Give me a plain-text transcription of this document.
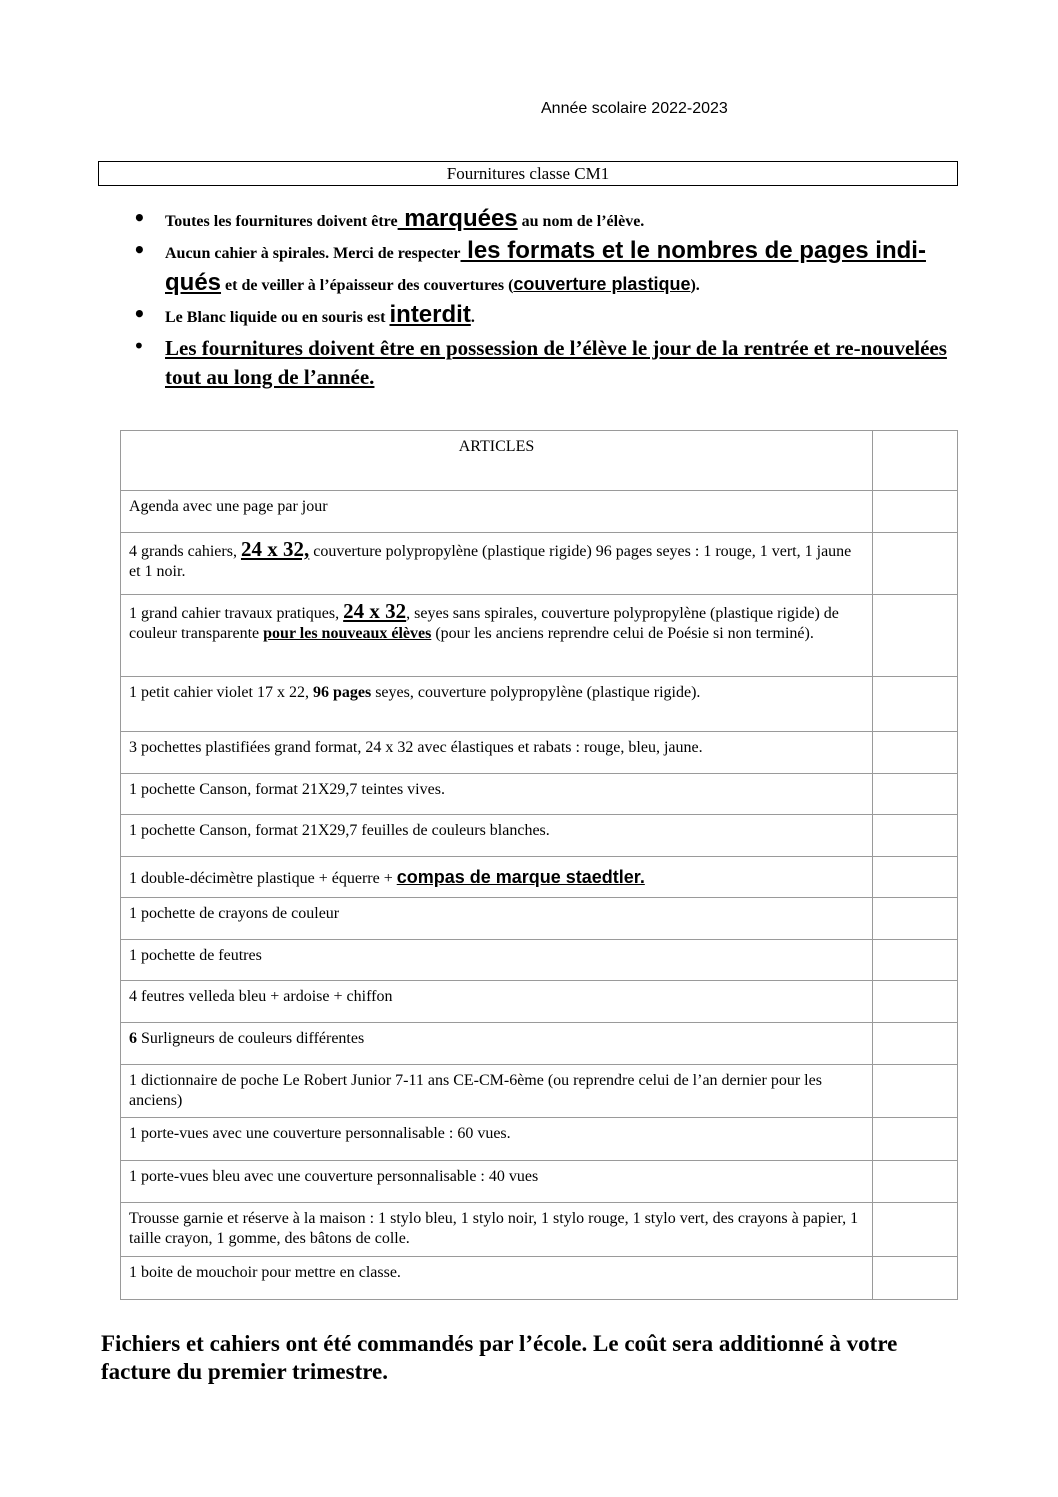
Année scolaire 2022-2023
Fournitures classe CM1
• Toutes les fournitures doivent être marquées au nom de l’élève.
• Aucun cahier à spirales. Merci de respecter les formats et le nombres de pages indi-qués et de veiller à l’épaisseur des couvertures (couverture plastique).
• Le Blanc liquide ou en souris est interdit.
• Les fournitures doivent être en possession de l’élève le jour de la rentrée et re-nouvelées tout au long de l’année.
ARTICLES	
Agenda avec une page par jour	
4 grands cahiers, 24 x 32, couverture polypropylène (plastique rigide) 96 pages seyes : 1 rouge, 1 vert, 1 jaune et 1 noir.	
1 grand cahier travaux pratiques, 24 x 32, seyes sans spirales, couverture polypropylène (plastique rigide) de couleur transparente pour les nouveaux élèves (pour les anciens reprendre celui de Poésie si non terminé).	
1 petit cahier violet 17 x 22, 96 pages seyes, couverture polypropylène (plastique rigide).	
3 pochettes plastifiées grand format, 24 x 32 avec élastiques et rabats : rouge, bleu, jaune.	
1 pochette Canson, format 21X29,7 teintes vives.	
1 pochette Canson, format 21X29,7 feuilles de couleurs blanches.	
1 double-décimètre plastique + équerre + compas de marque staedtler.	
1 pochette de crayons de couleur	
1 pochette de feutres	
4 feutres velleda bleu + ardoise + chiffon	
6 Surligneurs de couleurs différentes	
1 dictionnaire de poche Le Robert Junior 7-11 ans CE-CM-6ème (ou reprendre celui de l’an dernier pour les anciens)	
1 porte-vues avec une couverture personnalisable : 60 vues.	
1 porte-vues bleu avec une couverture personnalisable : 40 vues	
Trousse garnie et réserve à la maison : 1 stylo bleu, 1 stylo noir, 1 stylo rouge, 1 stylo vert, des crayons à papier, 1 taille crayon, 1 gomme, des bâtons de colle.	
1 boite de mouchoir pour mettre en classe.	
Fichiers et cahiers ont été commandés par l’école. Le coût sera additionné à votre facture du premier trimestre.
